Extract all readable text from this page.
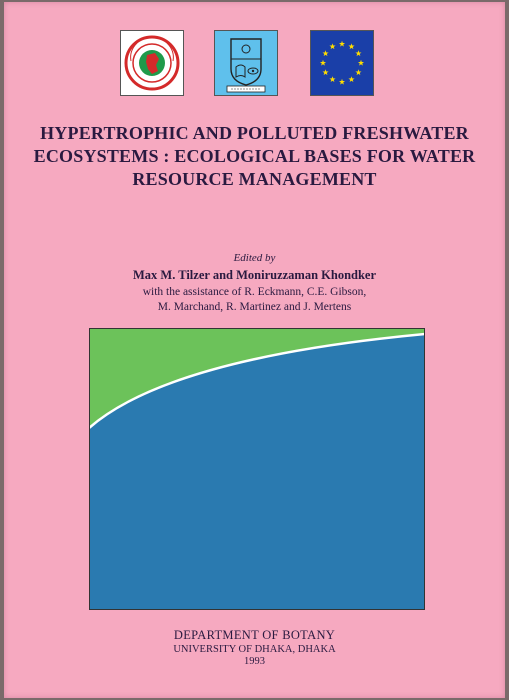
HYPERTROPHIC AND POLLUTED FRESHWATER
ECOSYSTEMS : ECOLOGICAL BASES FOR WATER
RESOURCE MANAGEMENT
Edited by
Max M. Tilzer and Moniruzzaman Khondker
with the assistance of R. Eckmann, C.E. Gibson,
M. Marchand, R. Martinez and J. Mertens
DEPARTMENT OF BOTANY
UNIVERSITY OF DHAKA, DHAKA
1993
